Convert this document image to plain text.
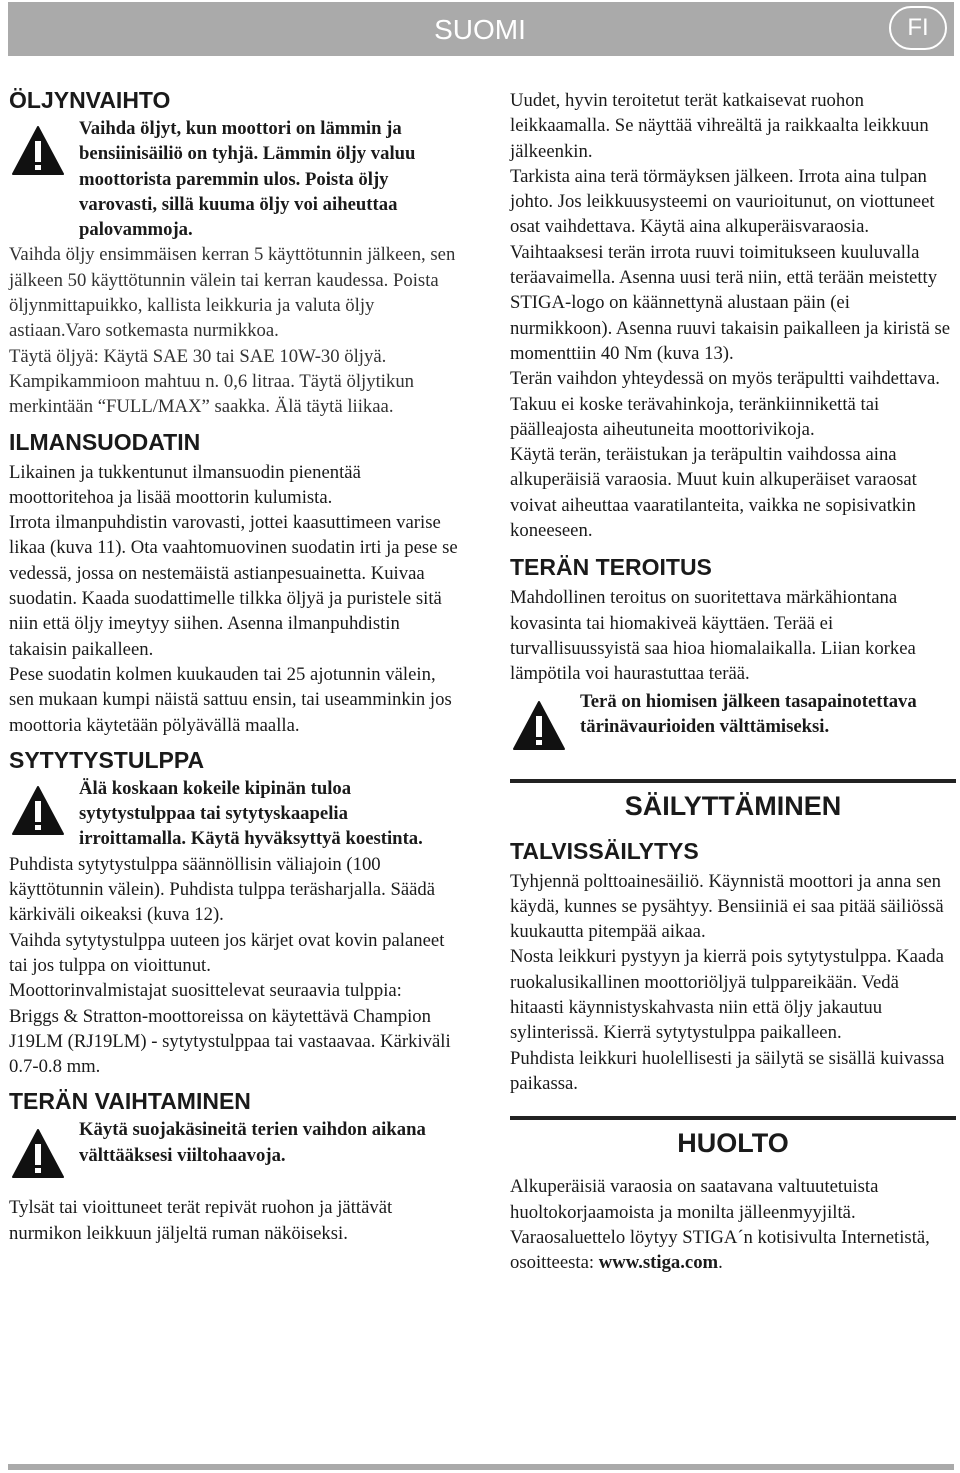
SUOMI	FI
ÖLJYNVAIHTO

Vaihda öljyt, kun moottori on lämmin ja bensiinisäiliö on tyhjä. Lämmin öljy valuu moottorista paremmin ulos. Poista öljy varovasti, sillä kuuma öljy voi aiheuttaa palovammoja.

Vaihda öljy ensimmäisen kerran 5 käyttötunnin jälkeen, sen jälkeen 50 käyttötunnin välein tai kerran kaudessa. Poista öljynmittapuikko, kallista leikkuria ja valuta öljy astiaan.Varo sotkemasta nurmikkoa.

Täytä öljyä: Käytä SAE 30 tai SAE 10W-30 öljyä. Kampikammioon mahtuu n. 0,6 litraa. Täytä öljytikun merkintään “FULL/MAX” saakka. Älä täytä liikaa.

ILMANSUODATIN

Likainen ja tukkentunut ilmansuodin pienentää moottoritehoa ja lisää moottorin kulumista.

Irrota ilmanpuhdistin varovasti, jottei kaasuttimeen varise likaa (kuva 11). Ota vaahtomuovinen suodatin irti ja pese se vedessä, jossa on nestemäistä astianpesuainetta. Kuivaa suodatin. Kaada suodattimelle tilkka öljyä ja puristele sitä niin että öljy imeytyy siihen. Asenna ilmanpuhdistin takaisin paikalleen.

Pese suodatin kolmen kuukauden tai 25 ajotunnin välein, sen mukaan kumpi näistä sattuu ensin, tai useamminkin jos moottoria käytetään pölyävällä maalla.

SYTYTYSTULPPA

Älä koskaan kokeile kipinän tuloa sytytystulppaa tai sytytyskaapelia irroittamalla. Käytä hyväksyttyä koestinta.

Puhdista sytytystulppa säännöllisin väliajoin (100 käyttötunnin välein). Puhdista tulppa teräsharjalla. Säädä kärkiväli oikeaksi (kuva 12).

Vaihda sytytystulppa uuteen jos kärjet ovat kovin palaneet tai jos tulppa on vioittunut.

Moottorinvalmistajat suosittelevat seuraavia tulppia:

Briggs & Stratton-moottoreissa on käytettävä Champion J19LM (RJ19LM) - sytytystulppaa tai vastaavaa. Kärkiväli 0.7-0.8 mm.

TERÄN VAIHTAMINEN

Käytä suojakäsineitä terien vaihdon aikana välttääksesi viiltohaavoja.

Tylsät tai vioittuneet terät repivät ruohon ja jättävät nurmikon leikkuun jäljeltä ruman näköiseksi.

Uudet, hyvin teroitetut terät katkaisevat ruohon leikkaamalla. Se näyttää vihreältä ja raikkaalta leikkuun jälkeenkin.

Tarkista aina terä törmäyksen jälkeen. Irrota aina tulpan johto. Jos leikkuusysteemi on vaurioitunut, on viottuneet osat vaihdettava. Käytä aina alkuperäisvaraosia.

Vaihtaaksesi terän irrota ruuvi toimitukseen kuuluvalla teräavaimella. Asenna uusi terä niin, että terään meistetty STIGA-logo on käännettynä alustaan päin (ei nurmikkoon). Asenna ruuvi takaisin paikalleen ja kiristä se momenttiin 40 Nm (kuva 13).

Terän vaihdon yhteydessä on myös teräpultti vaihdettava.

Takuu ei koske terävahinkoja, teränkiinnikettä tai päälleajosta aiheutuneita moottorivikoja.

Käytä terän, teräistukan ja teräpultin vaihdossa aina alkuperäisiä varaosia. Muut kuin alkuperäiset varaosat voivat aiheuttaa vaaratilanteita, vaikka ne sopisivatkin koneeseen.

TERÄN TEROITUS

Mahdollinen teroitus on suoritettava märkähiontana kovasinta tai hiomakiveä käyttäen. Terää ei turvallisuussyistä saa hioa hiomalaikalla. Liian korkea lämpötila voi haurastuttaa terää.

Terä on hiomisen jälkeen tasapainotettava tärinävaurioiden välttämiseksi.

SÄILYTTÄMINEN
TALVISSÄILYTYS

Tyhjennä polttoainesäiliö. Käynnistä moottori ja anna sen käydä, kunnes se pysähtyy. Bensiiniä ei saa pitää säiliössä kuukautta pitempää aikaa.

Nosta leikkuri pystyyn ja kierrä pois sytytystulppa. Kaada ruokalusikallinen moottoriöljyä tulppareikään. Vedä hitaasti käynnistyskahvasta niin että öljy jakautuu sylinterissä. Kierrä sytytystulppa paikalleen.

Puhdista leikkuri huolellisesti ja säilytä se sisällä kuivassa paikassa.

HUOLTO

Alkuperäisiä varaosia on saatavana valtuutetuista huoltokorjaamoista ja monilta jälleenmyyjiltä. Varaosaluettelo löytyy STIGA´n kotisivulta Internetistä, osoitteesta: www.stiga.com.
